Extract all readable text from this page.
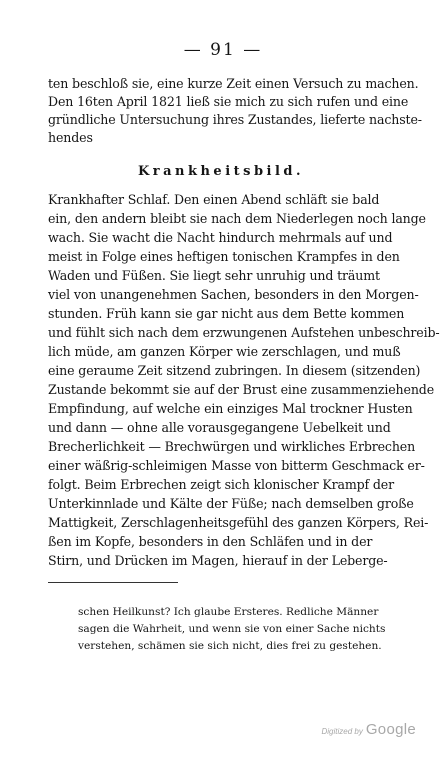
— 91 —
ten beschloß sie, eine kurze Zeit einen Versuch zu machen.
Den 16ten April 1821 ließ sie mich zu sich rufen und eine
gründliche Untersuchung ihres Zustandes, lieferte nachste-
hendes
Krankheitsbild.
Krankhafter Schlaf. Den einen Abend schläft sie bald
ein, den andern bleibt sie nach dem Niederlegen noch lange
wach. Sie wacht die Nacht hindurch mehrmals auf und
meist in Folge eines heftigen tonischen Krampfes in den
Waden und Füßen. Sie liegt sehr unruhig und träumt
viel von unangenehmen Sachen, besonders in den Morgen-
stunden. Früh kann sie gar nicht aus dem Bette kommen
und fühlt sich nach dem erzwungenen Aufstehen unbeschreib-
lich müde, am ganzen Körper wie zerschlagen, und muß
eine geraume Zeit sitzend zubringen. In diesem (sitzenden)
Zustande bekommt sie auf der Brust eine zusammenziehende
Empfindung, auf welche ein einziges Mal trockner Husten
und dann — ohne alle vorausgegangene Uebelkeit und
Brecherlichkeit — Brechwürgen und wirkliches Erbrechen
einer wäßrig-schleimigen Masse von bitterm Geschmack er-
folgt. Beim Erbrechen zeigt sich klonischer Krampf der
Unterkinnlade und Kälte der Füße; nach demselben große
Mattigkeit, Zerschlagenheitsgefühl des ganzen Körpers, Rei-
ßen im Kopfe, besonders in den Schläfen und in der
Stirn, und Drücken im Magen, hierauf in der Leberge-
schen Heilkunst? Ich glaube Ersteres. Redliche Männer
sagen die Wahrheit, und wenn sie von einer Sache nichts
verstehen, schämen sie sich nicht, dies frei zu gestehen.
Digitized by Google
